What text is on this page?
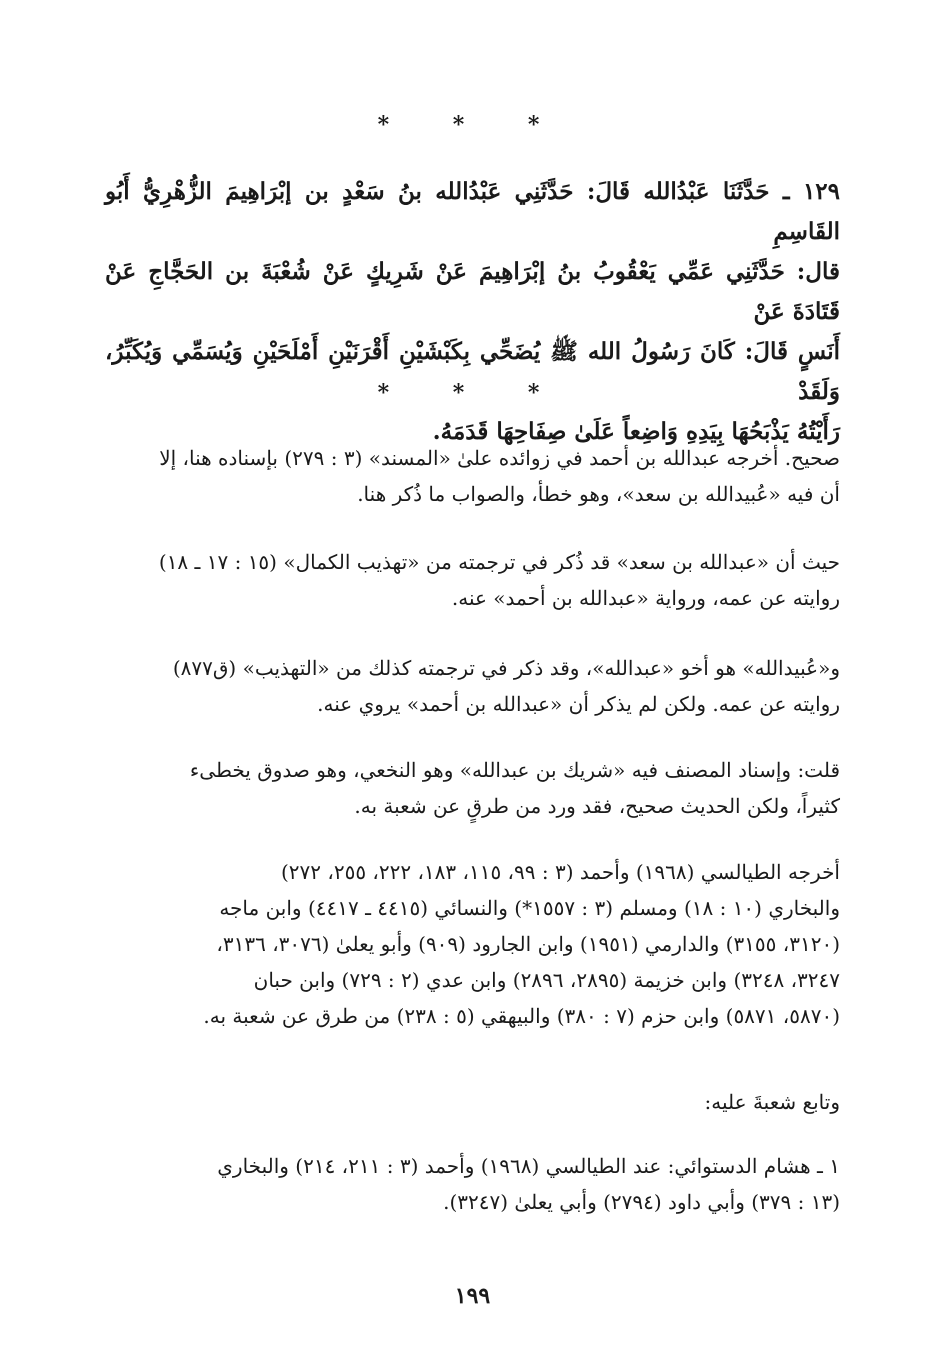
* * *

١٢٩ ـ حَدَّثَنَا عَبْدُالله قَالَ: حَدَّثَنِي عَبْدُالله بنُ سَعْدٍ بن إبْرَاهِيمَ الزُّهْرِيُّ أَبُو القَاسِمِ

قال: حَدَّثَنِي عَمِّي يَعْقُوبُ بنُ إبْرَاهِيمَ عَنْ شَرِيكٍ عَنْ شُعْبَةَ بن الحَجَّاجِ عَنْ قَتَادَةَ عَنْ

أَنَسٍ قَالَ: كَانَ رَسُولُ الله ﷺ يُضَحِّي بِكَبْشَيْنِ أَقْرَنَيْنِ أَمْلَحَيْنِ وَيُسَمِّي وَيُكَبِّرُ، وَلَقَدْ

رَأَيْتُهُ يَذْبَحُهَا بِيَدِهِ وَاضِعاً عَلَىٰ صِفَاحِهَا قَدَمَهُ.

* * *

صحيح. أخرجه عبدالله بن أحمد في زوائده علىٰ «المسند» (٣ : ٢٧٩) بإسناده هنا، إلا
أن فيه «عُبيدالله بن سعد»، وهو خطأ، والصواب ما ذُكر هنا.

حيث أن «عبدالله بن سعد» قد ذُكر في ترجمته من «تهذيب الكمال» (١٥ : ١٧ ـ ١٨)
روايته عن عمه، ورواية «عبدالله بن أحمد» عنه.

و«عُبيدالله» هو أخو «عبدالله»، وقد ذكر في ترجمته كذلك من «التهذيب» (ق٨٧٧)
روايته عن عمه. ولكن لم يذكر أن «عبدالله بن أحمد» يروي عنه.

قلت: وإسناد المصنف فيه «شريك بن عبدالله» وهو النخعي، وهو صدوق يخطىء
كثيراً، ولكن الحديث صحيح، فقد ورد من طرقٍ عن شعبة به.

أخرجه الطيالسي (١٩٦٨) وأحمد (٣ : ٩٩، ١١٥، ١٨٣، ٢٢٢، ٢٥٥، ٢٧٢)
والبخاري (١٠ : ١٨) ومسلم (٣ : ١٥٥٧*) والنسائي (٤٤١٥ ـ ٤٤١٧) وابن ماجه
(٣١٢٠، ٣١٥٥) والدارمي (١٩٥١) وابن الجارود (٩٠٩) وأبو يعلىٰ (٣٠٧٦، ٣١٣٦،
٣٢٤٧، ٣٢٤٨) وابن خزيمة (٢٨٩٥، ٢٨٩٦) وابن عدي (٢ : ٧٢٩) وابن حبان
(٥٨٧٠، ٥٨٧١) وابن حزم (٧ : ٣٨٠) والبيهقي (٥ : ٢٣٨) من طرق عن شعبة به.

وتابع شعبةَ عليه:

١ ـ هشام الدستوائي: عند الطيالسي (١٩٦٨) وأحمد (٣ : ٢١١، ٢١٤) والبخاري
(١٣ : ٣٧٩) وأبي داود (٢٧٩٤) وأبي يعلىٰ (٣٢٤٧).

١٩٩
